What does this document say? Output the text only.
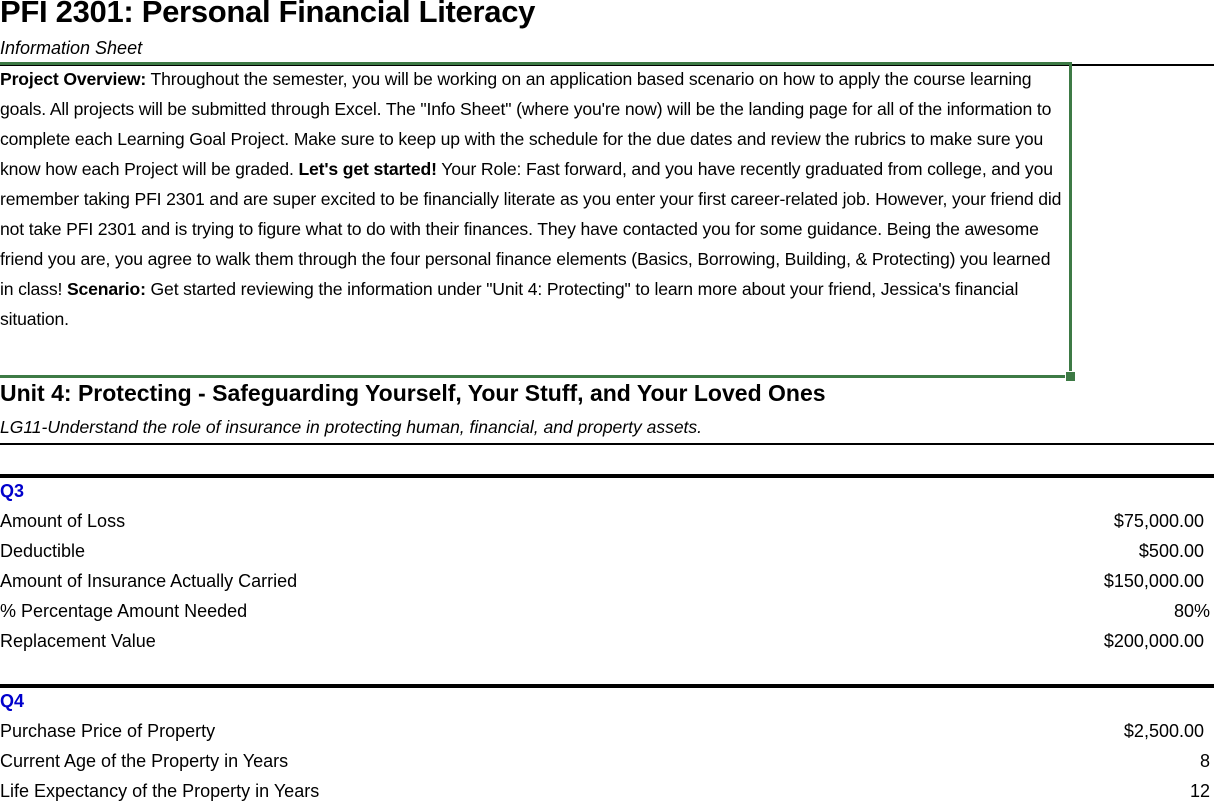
PFI 2301: Personal Financial Literacy
Information Sheet
Project Overview: Throughout the semester, you will be working on an application based scenario on how to apply the course learning goals. All projects will be submitted through Excel. The "Info Sheet" (where you're now) will be the landing page for all of the information to complete each Learning Goal Project. Make sure to keep up with the schedule for the due dates and review the rubrics to make sure you know how each Project will be graded. Let's get started! Your Role: Fast forward, and you have recently graduated from college, and you remember taking PFI 2301 and are super excited to be financially literate as you enter your first career-related job. However, your friend did not take PFI 2301 and is trying to figure what to do with their finances. They have contacted you for some guidance. Being the awesome friend you are, you agree to walk them through the four personal finance elements (Basics, Borrowing, Building, & Protecting) you learned in class! Scenario: Get started reviewing the information under "Unit 4: Protecting" to learn more about your friend, Jessica's financial situation.
Unit 4: Protecting - Safeguarding Yourself, Your Stuff, and Your Loved Ones
LG11-Understand the role of insurance in protecting human, financial, and property assets.
Q3
Amount of Loss	$75,000.00
Deductible	$500.00
Amount of Insurance Actually Carried	$150,000.00
% Percentage Amount Needed	80%
Replacement Value	$200,000.00
Q4
Purchase Price of Property	$2,500.00
Current Age of the Property in Years	8
Life Expectancy of the Property in Years	12
